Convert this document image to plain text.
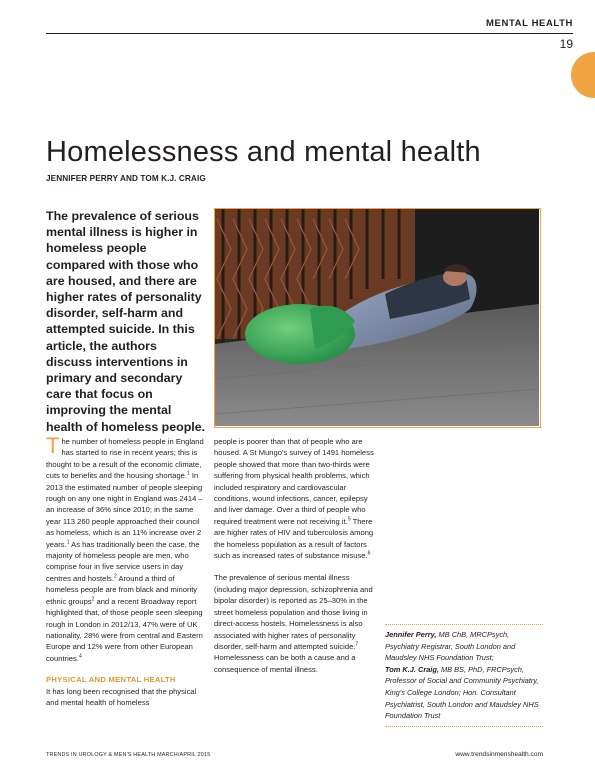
MENTAL HEALTH
19
Homelessness and mental health
JENNIFER PERRY AND TOM K.J. CRAIG
The prevalence of serious mental illness is higher in homeless people compared with those who are housed, and there are higher rates of personality disorder, self-harm and attempted suicide. In this article, the authors discuss interventions in primary and secondary care that focus on improving the mental health of homeless people.

The number of homeless people in England has started to rise in recent years; this is thought to be a result of the economic climate, cuts to benefits and the housing shortage.$^1$ In 2013 the estimated number of people sleeping rough on any one night in England was 2414 – an increase of 36% since 2010; in the same year 113 260 people approached their council as homeless, which is an 11% increase over 2 years.$^1$ As has traditionally been the case, the majority of homeless people are men, who comprise four in five service users in day centres and hostels.$^2$ Around a third of homeless people are from black and minority ethnic groups$^2$ and a recent Broadway report highlighted that, of those people seen sleeping rough in London in 2012/13, 47% were of UK nationality, 28% were from central and Eastern Europe and 12% were from other European countries.$^4$

PHYSICAL AND MENTAL HEALTH

It has long been recognised that the physical and mental health of homeless

people is poorer than that of people who are housed. A St Mungo's survey of 1491 homeless people showed that more than two-thirds were suffering from physical health problems, which included respiratory and cardiovascular conditions, wound infections, cancer, epilepsy and liver damage. Over a third of people who required treatment were not receiving it.$^5$ There are higher rates of HIV and tuberculosis among the homeless population as a result of factors such as increased rates of substance misuse.$^6$

The prevalence of serious mental illness (including major depression, schizophrenia and bipolar disorder) is reported as 25–30% in the street homeless population and those living in direct-access hostels. Homelessness is also associated with higher rates of personality disorder, self-harm and attempted suicide.$^7$ Homelessness can be both a cause and a consequence of mental illness.

Jennifer Perry, MB ChB, MRCPsych, Psychiatry Registrar, South London and Maudsley NHS Foundation Trust;
Tom K.J. Craig, MB BS, PhD, FRCPsych, Professor of Social and Community Psychiatry, King's College London; Hon. Consultant Psychiatrist, South London and Maudsley NHS Foundation Trust
TRENDS IN UROLOGY & MEN'S HEALTH MARCH/APRIL 2015	www.trendsinmenshealth.com
